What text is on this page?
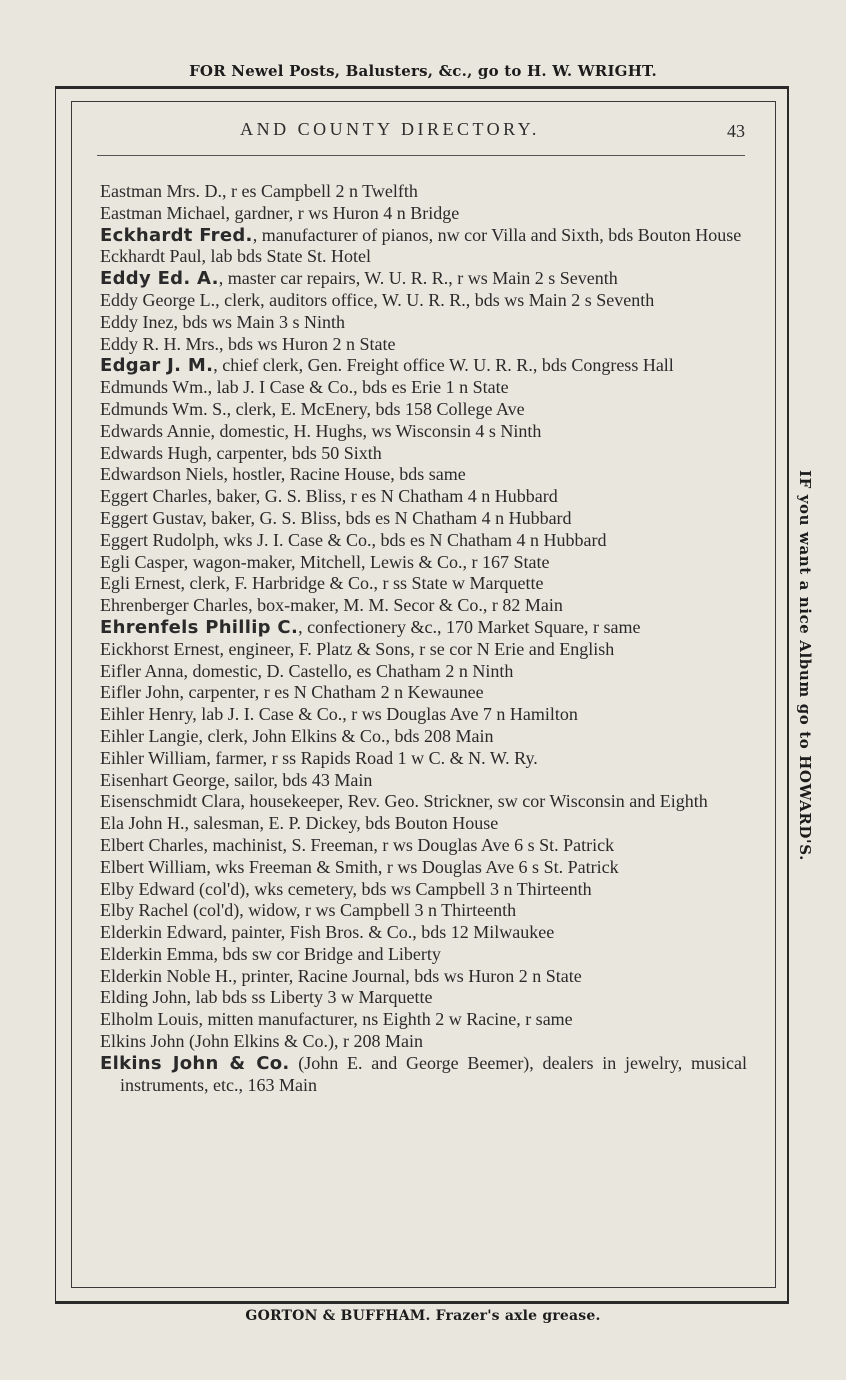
FOR Newel Posts, Balusters, &c., go to H. W. WRIGHT.
AND COUNTY DIRECTORY.	43
Eastman Mrs. D., r es Campbell 2 n Twelfth
Eastman Michael, gardner, r ws Huron 4 n Bridge
Eckhardt Fred., manufacturer of pianos, nw cor Villa and Sixth, bds Bouton House
Eckhardt Paul, lab bds State St. Hotel
Eddy Ed. A., master car repairs, W. U. R. R., r ws Main 2 s Seventh
Eddy George L., clerk, auditors office, W. U. R. R., bds ws Main 2 s Seventh
Eddy Inez, bds ws Main 3 s Ninth
Eddy R. H. Mrs., bds ws Huron 2 n State
Edgar J. M., chief clerk, Gen. Freight office W. U. R. R., bds Congress Hall
Edmunds Wm., lab J. I Case & Co., bds es Erie 1 n State
Edmunds Wm. S., clerk, E. McEnery, bds 158 College Ave
Edwards Annie, domestic, H. Hughs, ws Wisconsin 4 s Ninth
Edwards Hugh, carpenter, bds 50 Sixth
Edwardson Niels, hostler, Racine House, bds same
Eggert Charles, baker, G. S. Bliss, r es N Chatham 4 n Hubbard
Eggert Gustav, baker, G. S. Bliss, bds es N Chatham 4 n Hubbard
Eggert Rudolph, wks J. I. Case & Co., bds es N Chatham 4 n Hubbard
Egli Casper, wagon-maker, Mitchell, Lewis & Co., r 167 State
Egli Ernest, clerk, F. Harbridge & Co., r ss State w Marquette
Ehrenberger Charles, box-maker, M. M. Secor & Co., r 82 Main
Ehrenfels Phillip C., confectionery &c., 170 Market Square, r same
Eickhorst Ernest, engineer, F. Platz & Sons, r se cor N Erie and English
Eifler Anna, domestic, D. Castello, es Chatham 2 n Ninth
Eifler John, carpenter, r es N Chatham 2 n Kewaunee
Eihler Henry, lab J. I. Case & Co., r ws Douglas Ave 7 n Hamilton
Eihler Langie, clerk, John Elkins & Co., bds 208 Main
Eihler William, farmer, r ss Rapids Road 1 w C. & N. W. Ry.
Eisenhart George, sailor, bds 43 Main
Eisenschmidt Clara, housekeeper, Rev. Geo. Strickner, sw cor Wisconsin and Eighth
Ela John H., salesman, E. P. Dickey, bds Bouton House
Elbert Charles, machinist, S. Freeman, r ws Douglas Ave 6 s St. Patrick
Elbert William, wks Freeman & Smith, r ws Douglas Ave 6 s St. Patrick
Elby Edward (col'd), wks cemetery, bds ws Campbell 3 n Thirteenth
Elby Rachel (col'd), widow, r ws Campbell 3 n Thirteenth
Elderkin Edward, painter, Fish Bros. & Co., bds 12 Milwaukee
Elderkin Emma, bds sw cor Bridge and Liberty
Elderkin Noble H., printer, Racine Journal, bds ws Huron 2 n State
Elding John, lab bds ss Liberty 3 w Marquette
Elholm Louis, mitten manufacturer, ns Eighth 2 w Racine, r same
Elkins John (John Elkins & Co.), r 208 Main
Elkins John & Co. (John E. and George Beemer), dealers in jewelry, musical instruments, etc., 163 Main
IF you want a nice Album go to HOWARD'S.
GORTON & BUFFHAM. Frazer's axle grease.
